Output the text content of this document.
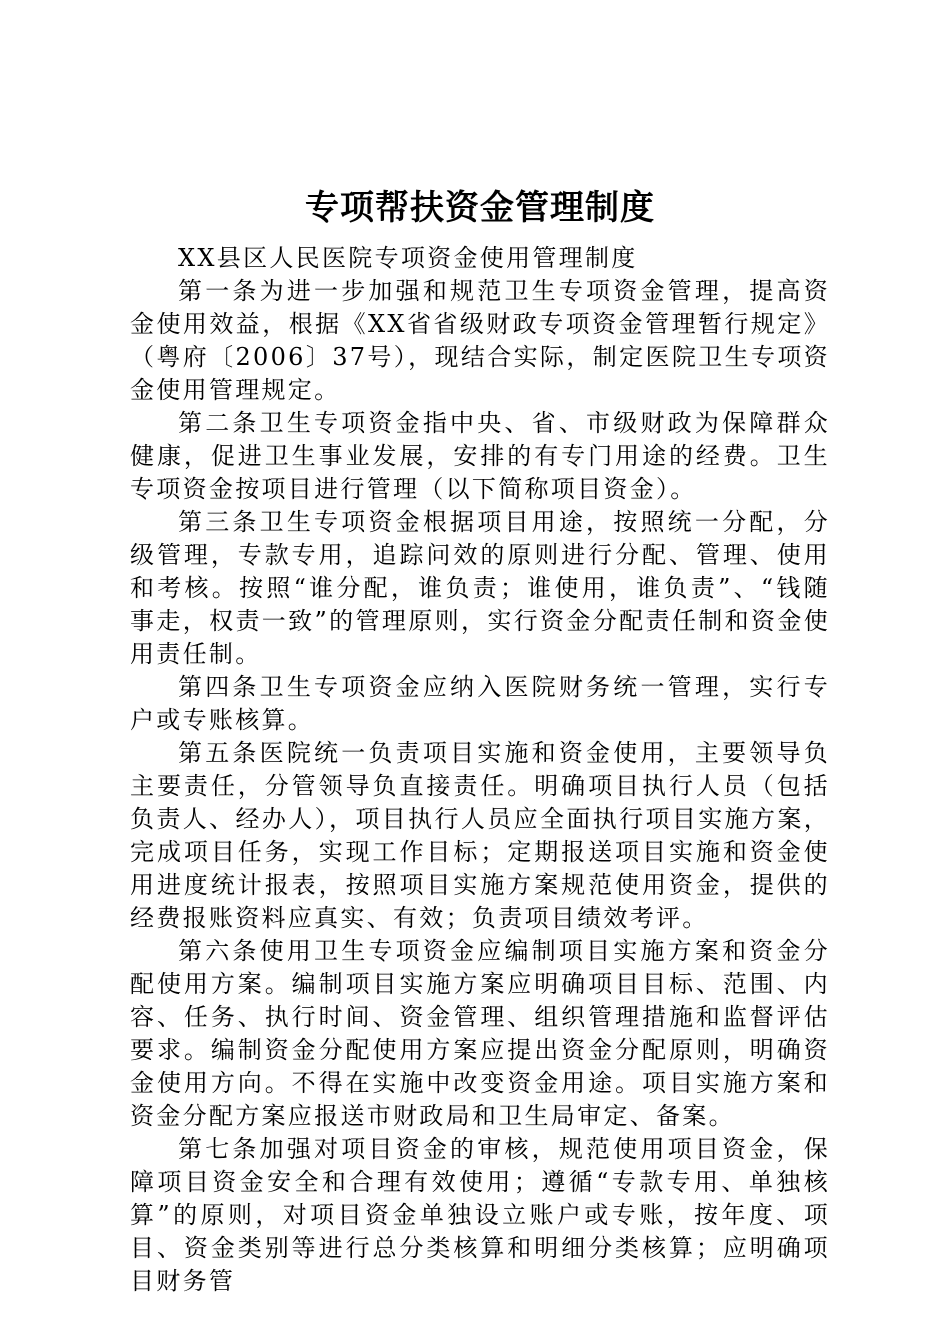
专项帮扶资金管理制度

XX县区人民医院专项资金使用管理制度

第一条为进一步加强和规范卫生专项资金管理，提高资金使用效益，根据《XX省省级财政专项资金管理暂行规定》（粤府〔2006〕37号），现结合实际，制定医院卫生专项资金使用管理规定。

第二条卫生专项资金指中央、省、市级财政为保障群众健康，促进卫生事业发展，安排的有专门用途的经费。卫生专项资金按项目进行管理（以下简称项目资金）。

第三条卫生专项资金根据项目用途，按照统一分配，分级管理，专款专用，追踪问效的原则进行分配、管理、使用和考核。按照“谁分配，谁负责；谁使用，谁负责”、“钱随事走，权责一致”的管理原则，实行资金分配责任制和资金使用责任制。

第四条卫生专项资金应纳入医院财务统一管理，实行专户或专账核算。

第五条医院统一负责项目实施和资金使用，主要领导负主要责任，分管领导负直接责任。明确项目执行人员（包括负责人、经办人），项目执行人员应全面执行项目实施方案，完成项目任务，实现工作目标；定期报送项目实施和资金使用进度统计报表，按照项目实施方案规范使用资金，提供的经费报账资料应真实、有效；负责项目绩效考评。

第六条使用卫生专项资金应编制项目实施方案和资金分配使用方案。编制项目实施方案应明确项目目标、范围、内容、任务、执行时间、资金管理、组织管理措施和监督评估要求。编制资金分配使用方案应提出资金分配原则，明确资金使用方向。不得在实施中改变资金用途。项目实施方案和资金分配方案应报送市财政局和卫生局审定、备案。

第七条加强对项目资金的审核，规范使用项目资金，保障项目资金安全和合理有效使用；遵循“专款专用、单独核算”的原则，对项目资金单独设立账户或专账，按年度、项目、资金类别等进行总分类核算和明细分类核算；应明确项目财务管
